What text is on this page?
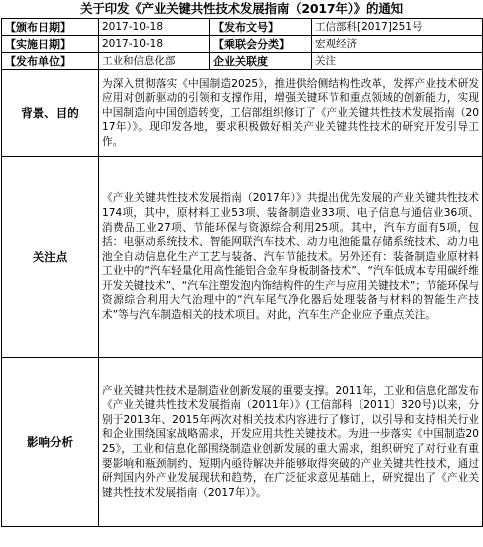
关于印发《产业关键共性技术发展指南（2017年）》的通知
【颁布日期】	2017-10-18	【发布文号】	工信部科[2017]251号
【实施日期】	2017-10-18	【乘联会分类】	宏观经济
【发布单位】	工业和信息化部	企业关联度	关注
背景、目的	为深入贯彻落实《中国制造2025》，推进供给侧结构性改革，发挥产业技术研发应用对创新驱动的引领和支撑作用，增强关键环节和重点领域的创新能力，实现中国制造向中国创造转变，工信部组织修订了《产业关键共性技术发展指南（2017年）》。现印发各地，要求积极做好相关产业关键共性技术的研究开发引导工作。		
关注点	《产业关键共性技术发展指南（2017年）》共提出优先发展的产业关键共性技术174项，其中，原材料工业53项、装备制造业33项、电子信息与通信业36项、消费品工业27项、节能环保与资源综合利用25项。其中，汽车方面有5项，包括：电驱动系统技术、智能网联汽车技术、动力电池能量存储系统技术、动力电池全自动信息化生产工艺与装备、汽车节能技术。另外还有：装备制造业原材料工业中的“汽车轻量化用高性能铝合金车身板制备技术”、“汽车低成本专用碳纤维开发关键技术”、“汽车注塑发泡内饰结构件的生产与应用关键技术”；节能环保与资源综合利用大气治理中的“汽车尾气净化器后处理装备与材料的智能生产技术”等与汽车制造相关的技术项目。对此，汽车生产企业应予重点关注。		
影响分析	产业关键共性技术是制造业创新发展的重要支撑。2011年，工业和信息化部发布《产业关键共性技术发展指南（2011年）》(工信部科〔2011〕320号)以来，分别于2013年、2015年两次对相关技术内容进行了修订，以引导和支持相关行业和企业围绕国家战略需求，开发应用共性关键技术。为进一步落实《中国制造2025》，工业和信息化部围绕制造业创新发展的重大需求，组织研究了对行业有重要影响和瓶颈制约、短期内亟待解决并能够取得突破的产业关键共性技术，通过研判国内外产业发展现状和趋势，在广泛征求意见基础上，研究提出了《产业关键共性技术发展指南（2017年）》。		
